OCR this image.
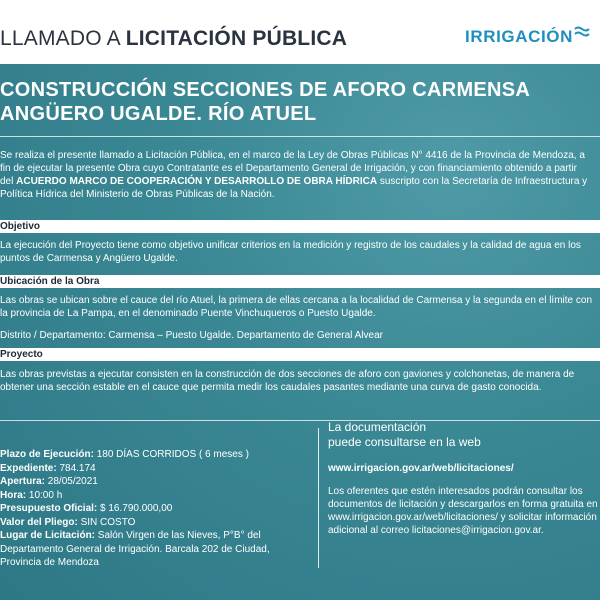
LLAMADO A LICITACIÓN PÚBLICA	IRRIGACIÓN
CONSTRUCCIÓN SECCIONES DE AFORO CARMENSA
ANGÜERO UGALDE. RÍO ATUEL
Se realiza el presente llamado a Licitación Pública, en el marco de la Ley de Obras Públicas N° 4416 de la Provincia de Mendoza, a fin de ejecutar la presente Obra cuyo Contratante es el Departamento General de Irrigación, y con financiamiento obtenido a partir del ACUERDO MARCO DE COOPERACIÓN Y DESARROLLO DE OBRA HÍDRICA suscripto con la Secretaría de Infraestructura y Política Hídrica del Ministerio de Obras Públicas de la Nación.
Objetivo
La ejecución del Proyecto tiene como objetivo unificar criterios en la medición y registro de los caudales y la calidad de agua en los puntos de Carmensa y Angüero Ugalde.
Ubicación de la Obra
Las obras se ubican sobre el cauce del río Atuel, la primera de ellas cercana a la localidad de Carmensa y la segunda en el límite con la provincia de La Pampa, en el denominado Puente Vinchuqueros o Puesto Ugalde.
Distrito / Departamento: Carmensa – Puesto Ugalde. Departamento de General Alvear
Proyecto
Las obras previstas a ejecutar consisten en la construcción de dos secciones de aforo con gaviones y colchonetas, de manera de obtener una sección estable en el cauce que permita medir los caudales pasantes mediante una curva de gasto conocida.
Plazo de Ejecución: 180 DÍAS CORRIDOS ( 6 meses )
Expediente: 784.174
Apertura: 28/05/2021
Hora: 10:00 h
Presupuesto Oficial: $ 16.790.000,00
Valor del Pliego: SIN COSTO
Lugar de Licitación: Salón Virgen de las Nieves, P°B° del Departamento General de Irrigación. Barcala 202 de Ciudad, Provincia de Mendoza
La documentación
puede consultarse en la web
www.irrigacion.gov.ar/web/licitaciones/
Los oferentes que estén interesados podrán consultar los documentos de licitación y descargarlos en forma gratuita en www.irrigacion.gov.ar/web/licitaciones/ y solicitar información adicional al correo licitaciones@irrigacion.gov.ar.
